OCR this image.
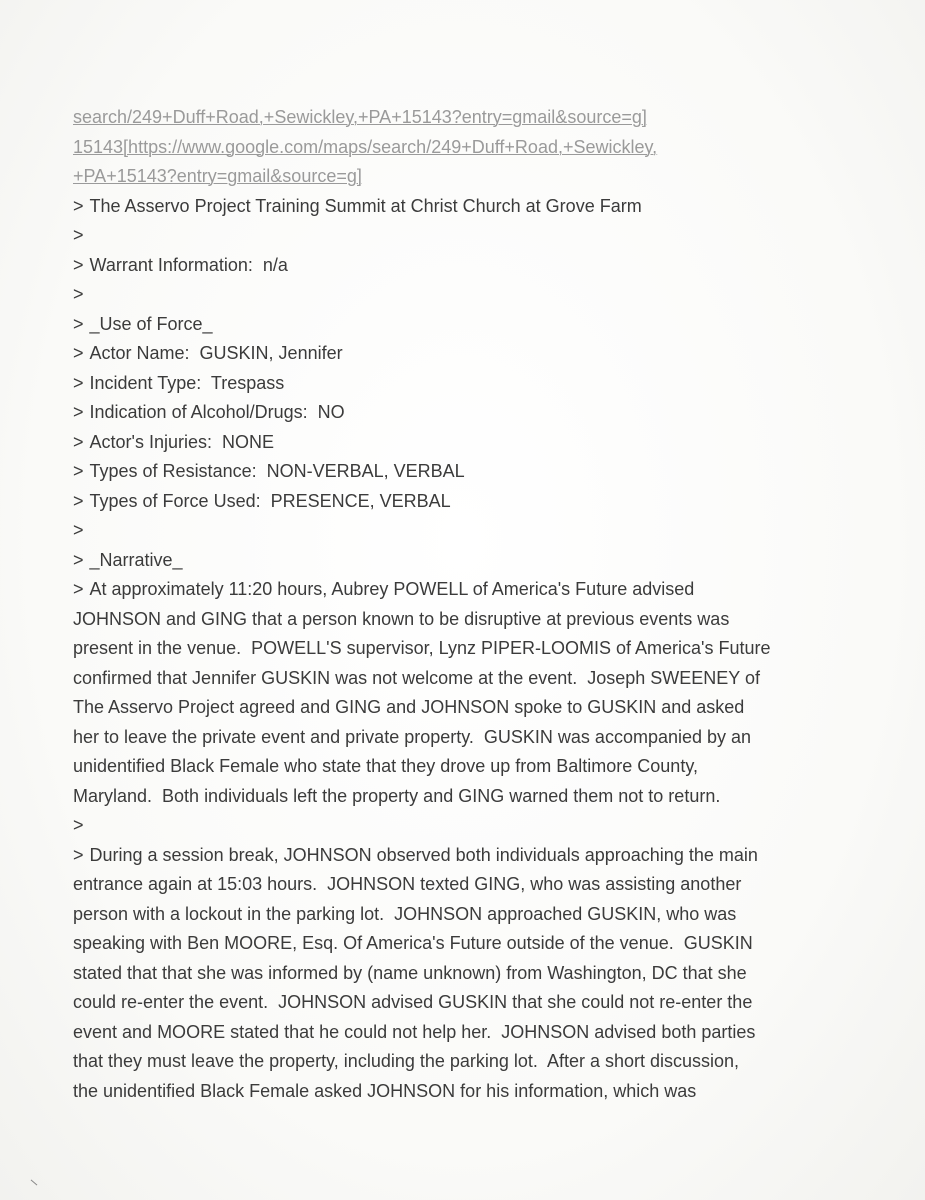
search/249+Duff+Road,+Sewickley,+PA+15143?entry=gmail&source=g]
15143[https://www.google.com/maps/search/249+Duff+Road,+Sewickley,
+PA+15143?entry=gmail&source=g]
> The Asservo Project Training Summit at Christ Church at Grove Farm
>
> Warrant Information:  n/a
>
> _Use of Force_
> Actor Name:  GUSKIN, Jennifer
> Incident Type:  Trespass
> Indication of Alcohol/Drugs:  NO
> Actor's Injuries:  NONE
> Types of Resistance:  NON-VERBAL, VERBAL
> Types of Force Used:  PRESENCE, VERBAL
>
> _Narrative_
> At approximately 11:20 hours, Aubrey POWELL of America's Future advised
JOHNSON and GING that a person known to be disruptive at previous events was
present in the venue.  POWELL'S supervisor, Lynz PIPER-LOOMIS of America's Future
confirmed that Jennifer GUSKIN was not welcome at the event.  Joseph SWEENEY of
The Asservo Project agreed and GING and JOHNSON spoke to GUSKIN and asked
her to leave the private event and private property.  GUSKIN was accompanied by an
unidentified Black Female who state that they drove up from Baltimore County,
Maryland.  Both individuals left the property and GING warned them not to return.
>
> During a session break, JOHNSON observed both individuals approaching the main
entrance again at 15:03 hours.  JOHNSON texted GING, who was assisting another
person with a lockout in the parking lot.  JOHNSON approached GUSKIN, who was
speaking with Ben MOORE, Esq. Of America's Future outside of the venue.  GUSKIN
stated that that she was informed by (name unknown) from Washington, DC that she
could re-enter the event.  JOHNSON advised GUSKIN that she could not re-enter the
event and MOORE stated that he could not help her.  JOHNSON advised both parties
that they must leave the property, including the parking lot.  After a short discussion,
the unidentified Black Female asked JOHNSON for his information, which was
